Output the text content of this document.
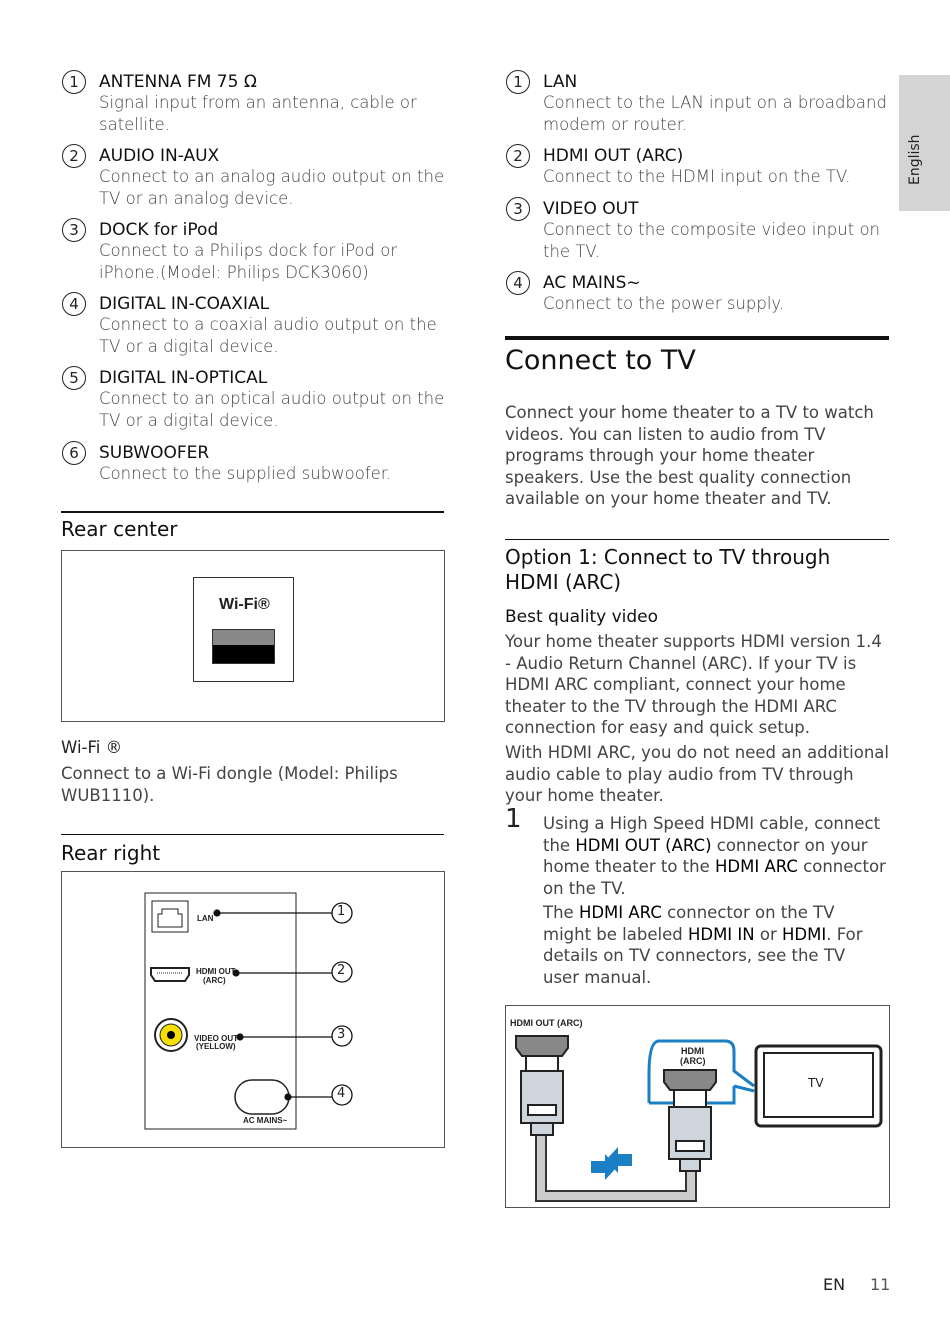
1	ANTENNA FM 75 Ω
Signal input from an antenna, cable or satellite.
2	AUDIO IN-AUX
Connect to an analog audio output on the TV or an analog device.
3	DOCK for iPod
Connect to a Philips dock for iPod or iPhone.(Model: Philips DCK3060)
4	DIGITAL IN-COAXIAL
Connect to a coaxial audio output on the TV or a digital device.
5	DIGITAL IN-OPTICAL
Connect to an optical audio output on the TV or a digital device.
6	SUBWOOFER
Connect to the supplied subwoofer.
Rear center
Wi-Fi®
Wi-Fi ®
Connect to a Wi-Fi dongle (Model: Philips WUB1110).
Rear right
LAN
HDMI OUT
(ARC)
VIDEO OUT
(YELLOW)
AC MAINS~
1
2
3
4
1	LAN
Connect to the LAN input on a broadband modem or router.
2	HDMI OUT (ARC)
Connect to the HDMI input on the TV.
3	VIDEO OUT
Connect to the composite video input on the TV.
4	AC MAINS~
Connect to the power supply.
Connect to TV
Connect your home theater to a TV to watch videos. You can listen to audio from TV programs through your home theater speakers. Use the best quality connection available on your home theater and TV.
Option 1: Connect to TV through HDMI (ARC)
Best quality video
Your home theater supports HDMI version 1.4 - Audio Return Channel (ARC). If your TV is HDMI ARC compliant, connect your home theater to the TV through the HDMI ARC connection for easy and quick setup.
With HDMI ARC, you do not need an additional audio cable to play audio from TV through your home theater.
1 Using a High Speed HDMI cable, connect the HDMI OUT (ARC) connector on your home theater to the HDMI ARC connector on the TV.
The HDMI ARC connector on the TV might be labeled HDMI IN or HDMI. For details on TV connectors, see the TV user manual.
HDMI OUT (ARC)
HDMI
(ARC)
TV
English
EN 11
